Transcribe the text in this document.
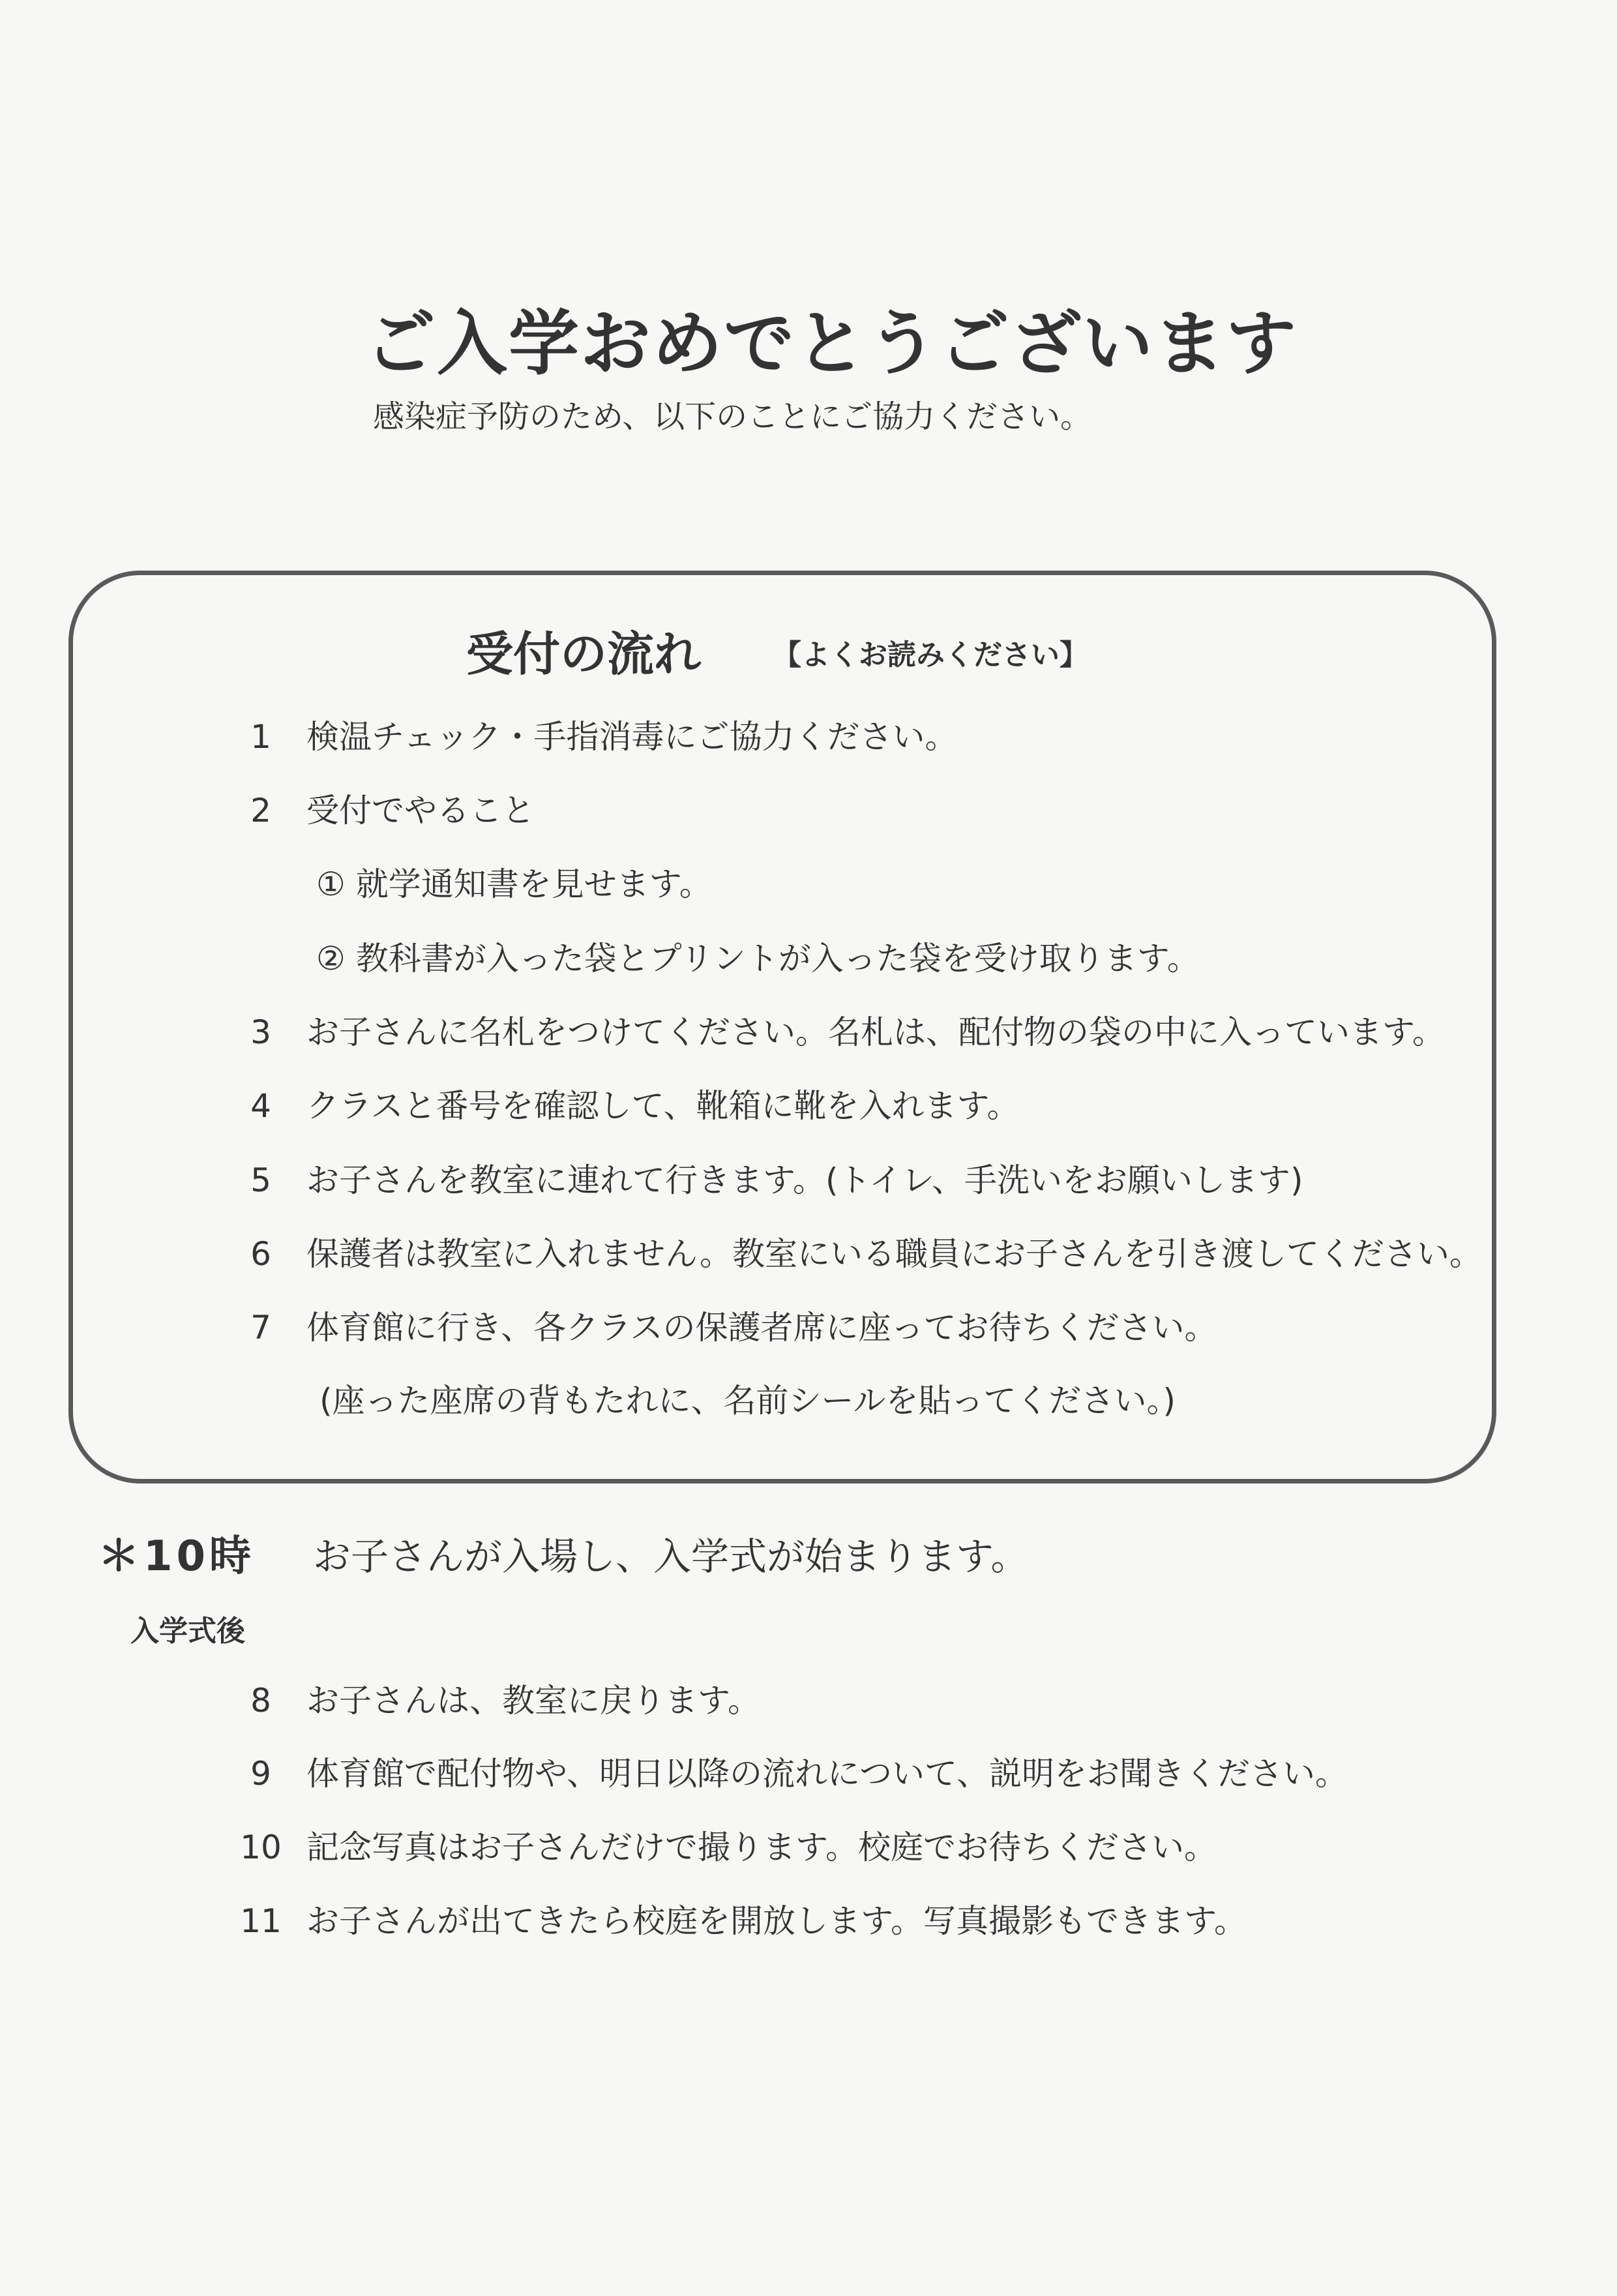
ご入学おめでとうございます
感染症予防のため、以下のことにご協力ください。
受付の流れ 【よくお読みください】
1	検温チェック・手指消毒にご協力ください。
2	受付でやること
① 就学通知書を見せます。
② 教科書が入った袋とプリントが入った袋を受け取ります。
3	お子さんに名札をつけてください。名札は、配付物の袋の中に入っています。
4	クラスと番号を確認して、靴箱に靴を入れます。
5	お子さんを教室に連れて行きます。(トイレ、手洗いをお願いします)
6	保護者は教室に入れません。教室にいる職員にお子さんを引き渡してください。
7	体育館に行き、各クラスの保護者席に座ってお待ちください。
(座った座席の背もたれに、名前シールを貼ってください。)
＊10時 お子さんが入場し、入学式が始まります。
入学式後
8	お子さんは、教室に戻ります。
9	体育館で配付物や、明日以降の流れについて、説明をお聞きください。
10 記念写真はお子さんだけで撮ります。校庭でお待ちください。
11 お子さんが出てきたら校庭を開放します。写真撮影もできます。
